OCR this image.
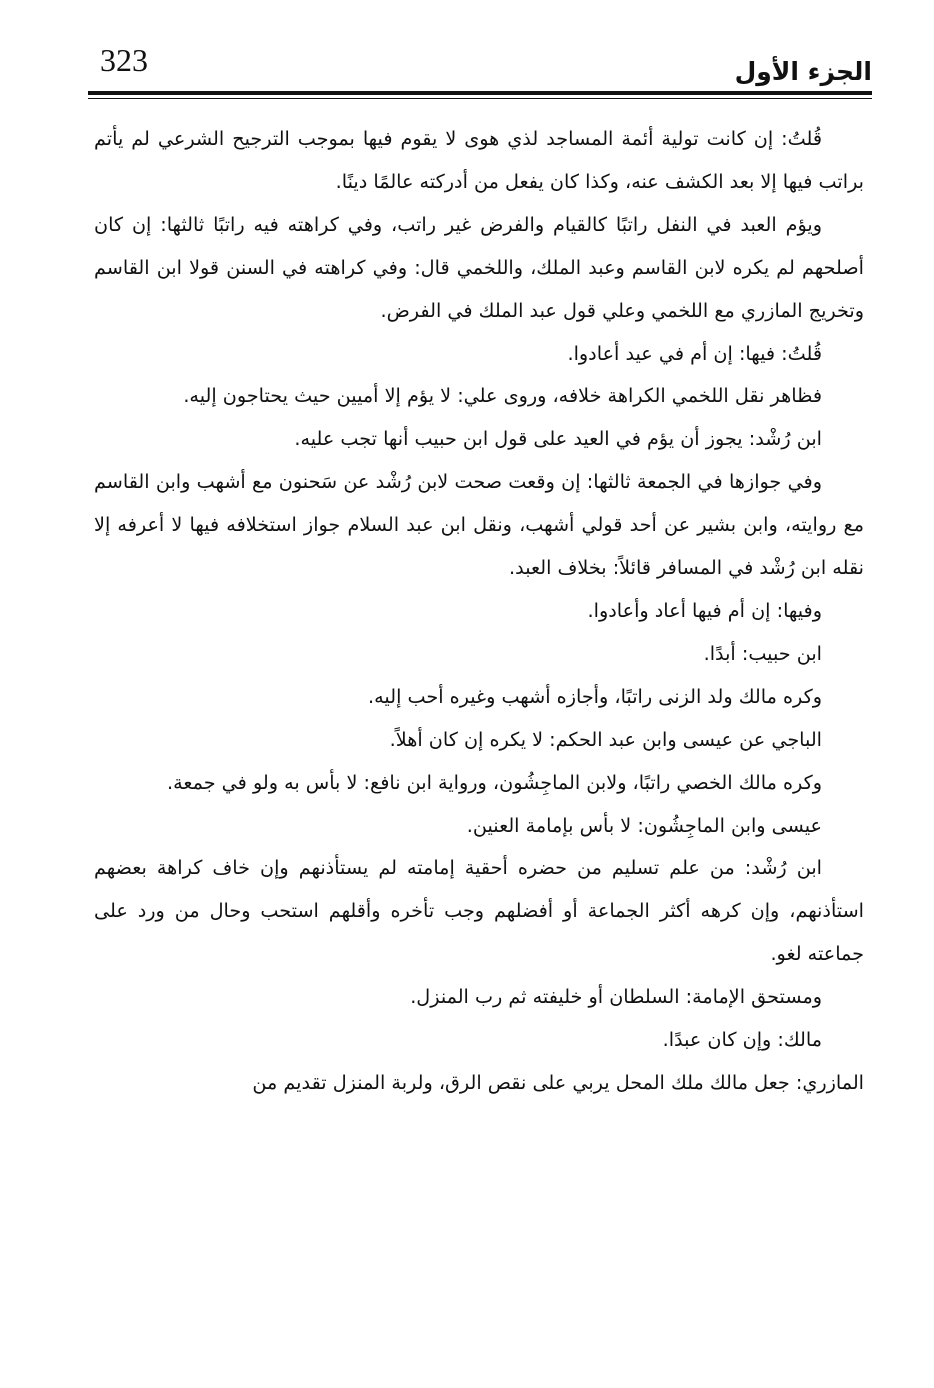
323	الجزء الأول

قُلتُ: إن كانت تولية أئمة المساجد لذي هوى لا يقوم فيها بموجب الترجيح الشرعي لم يأتم براتب فيها إلا بعد الكشف عنه، وكذا كان يفعل من أدركته عالمًا دينًا.

ويؤم العبد في النفل راتبًا كالقيام والفرض غير راتب، وفي كراهته فيه راتبًا ثالثها: إن كان أصلحهم لم يكره لابن القاسم وعبد الملك، واللخمي قال: وفي كراهته في السنن قولا ابن القاسم وتخريج المازري مع اللخمي وعلي قول عبد الملك في الفرض.

قُلتُ: فيها: إن أم في عيد أعادوا.

فظاهر نقل اللخمي الكراهة خلافه، وروى علي: لا يؤم إلا أميين حيث يحتاجون إليه.

ابن رُشْد: يجوز أن يؤم في العيد على قول ابن حبيب أنها تجب عليه.

وفي جوازها في الجمعة ثالثها: إن وقعت صحت لابن رُشْد عن سَحنون مع أشهب وابن القاسم مع روايته، وابن بشير عن أحد قولي أشهب، ونقل ابن عبد السلام جواز استخلافه فيها لا أعرفه إلا نقله ابن رُشْد في المسافر قائلاً: بخلاف العبد.

وفيها: إن أم فيها أعاد وأعادوا.

ابن حبيب: أبدًا.

وكره مالك ولد الزنى راتبًا، وأجازه أشهب وغيره أحب إليه.

الباجي عن عيسى وابن عبد الحكم: لا يكره إن كان أهلاً.

وكره مالك الخصي راتبًا، ولابن الماجِشُون، ورواية ابن نافع: لا بأس به ولو في جمعة.

عيسى وابن الماجِشُون: لا بأس بإمامة العنين.

ابن رُشْد: من علم تسليم من حضره أحقية إمامته لم يستأذنهم وإن خاف كراهة بعضهم استأذنهم، وإن كرهه أكثر الجماعة أو أفضلهم وجب تأخره وأقلهم استحب وحال من ورد على جماعته لغو.

ومستحق الإمامة: السلطان أو خليفته ثم رب المنزل.

مالك: وإن كان عبدًا.

المازري: جعل مالك ملك المحل يربي على نقص الرق، ولربة المنزل تقديم من
